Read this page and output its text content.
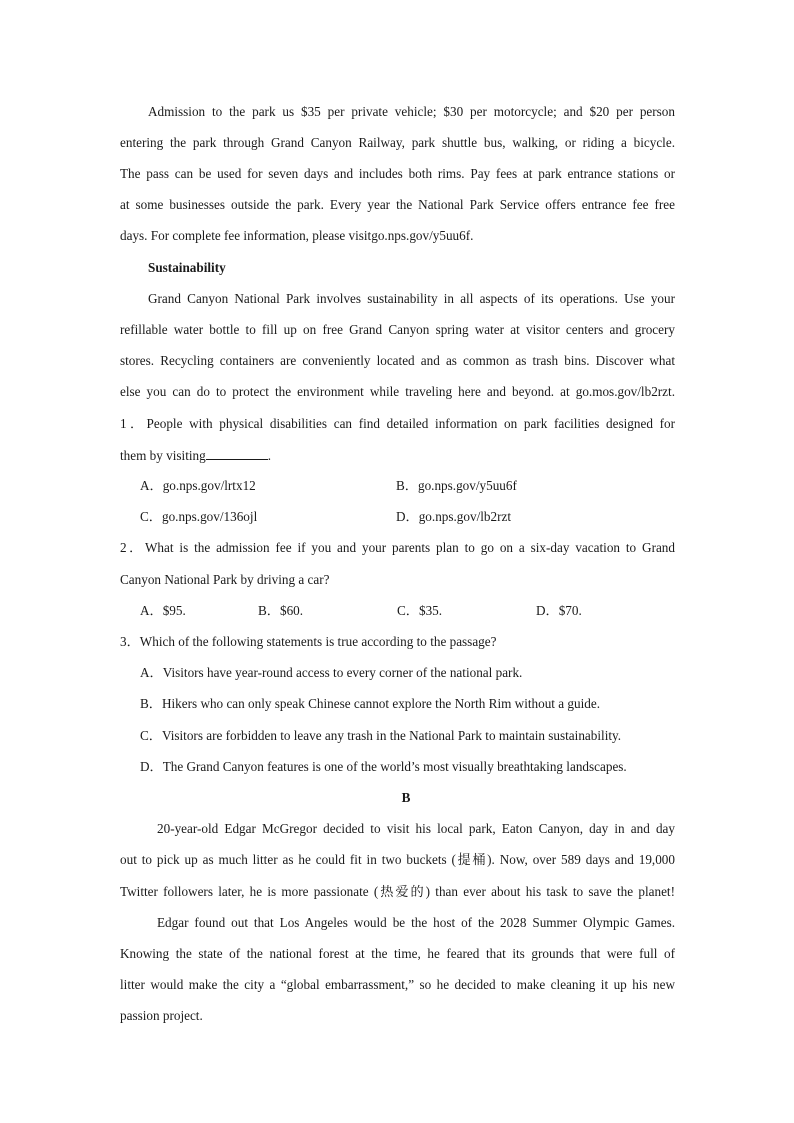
Admission to the park us $35 per private vehicle; $30 per motorcycle; and $20 per person
entering the park through Grand Canyon Railway, park shuttle bus, walking, or riding a bicycle.
The pass can be used for seven days and includes both rims. Pay fees at park entrance stations or
at some businesses outside the park. Every year the National Park Service offers entrance fee free
days. For complete fee information, please visitgo.nps.gov/y5uu6f.
Sustainability
Grand Canyon National Park involves sustainability in all aspects of its operations. Use your
refillable water bottle to fill up on free Grand Canyon spring water at visitor centers and grocery
stores. Recycling containers are conveniently located and as common as trash bins. Discover what
else you can do to protect the environment while traveling here and beyond. at go.mos.gov/lb2rzt.
1．People with physical disabilities can find detailed information on park facilities designed for
them by visiting	.
A．go.nps.gov/lrtx12	B．go.nps.gov/y5uu6f
C．go.nps.gov/136ojl	D．go.nps.gov/lb2rzt
2．What is the admission fee if you and your parents plan to go on a six-day vacation to Grand
Canyon National Park by driving a car?
A．$95.	B．$60.	C．$35.	D．$70.
3．Which of the following statements is true according to the passage?
A．Visitors have year-round access to every corner of the national park.
B．Hikers who can only speak Chinese cannot explore the North Rim without a guide.
C．Visitors are forbidden to leave any trash in the National Park to maintain sustainability.
D．The Grand Canyon features is one of the world’s most visually breathtaking landscapes.
B
20-year-old Edgar McGregor decided to visit his local park, Eaton Canyon, day in and day
out to pick up as much litter as he could fit in two buckets (提桶). Now, over 589 days and 19,000
Twitter followers later, he is more passionate (热爱的) than ever about his task to save the planet!
Edgar found out that Los Angeles would be the host of the 2028 Summer Olympic Games.
Knowing the state of the national forest at the time, he feared that its grounds that were full of
litter would make the city a “global embarrassment,” so he decided to make cleaning it up his new
passion project.
